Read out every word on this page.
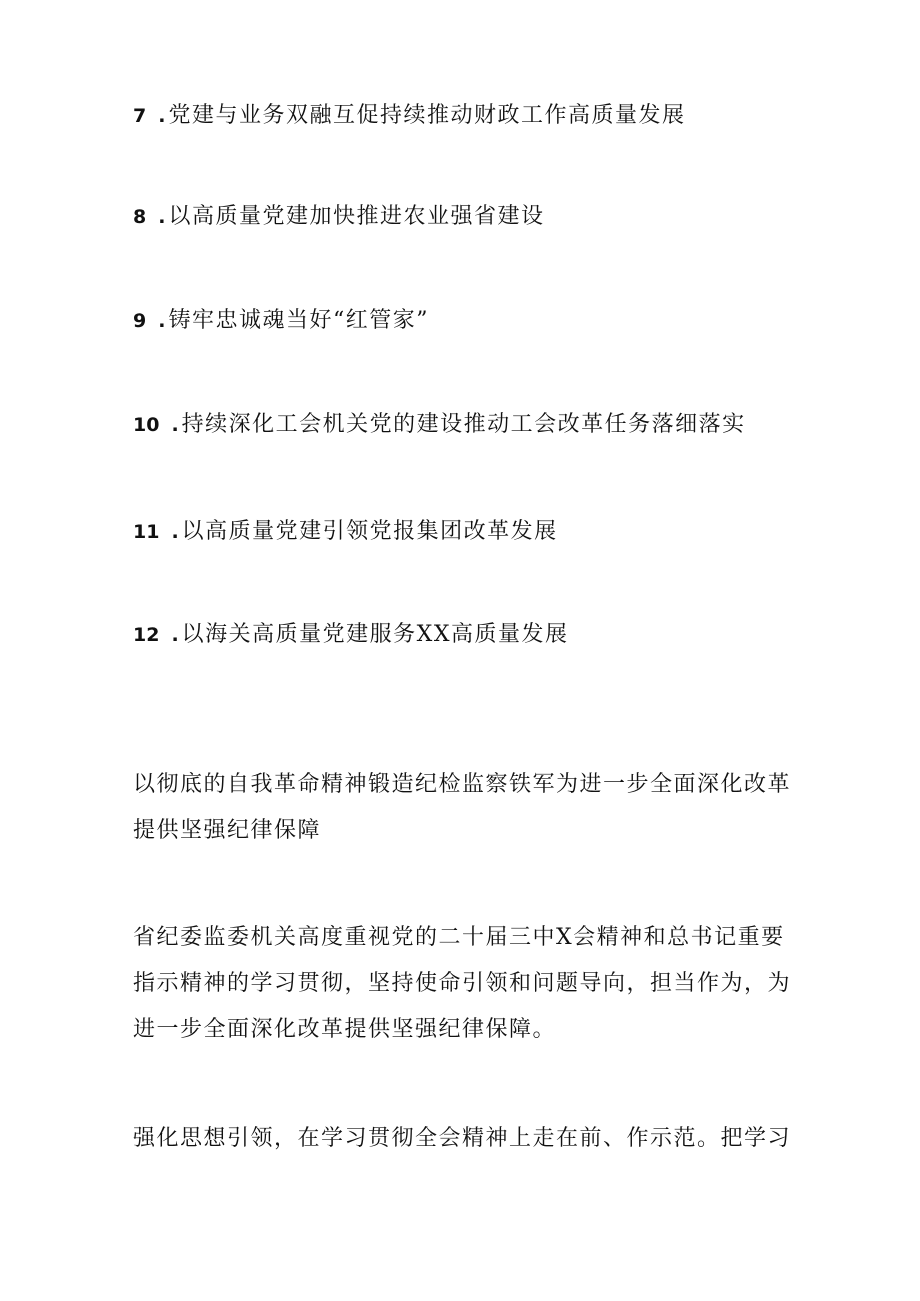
7 . 党建与业务双融互促持续推动财政工作高质量发展
8 . 以高质量党建加快推进农业强省建设
9 . 铸牢忠诚魂当好“红管家”
10 . 持续深化工会机关党的建设推动工会改革任务落细落实
11 . 以高质量党建引领党报集团改革发展
12 . 以海关高质量党建服务XX高质量发展

以彻底的自我革命精神锻造纪检监察铁军为进一步全面深化改革提供坚强纪律保障

省纪委监委机关高度重视党的二十届三中X会精神和总书记重要指示精神的学习贯彻，坚持使命引领和问题导向，担当作为，为进一步全面深化改革提供坚强纪律保障。

强化思想引领，在学习贯彻全会精神上走在前、作示范。把学习
